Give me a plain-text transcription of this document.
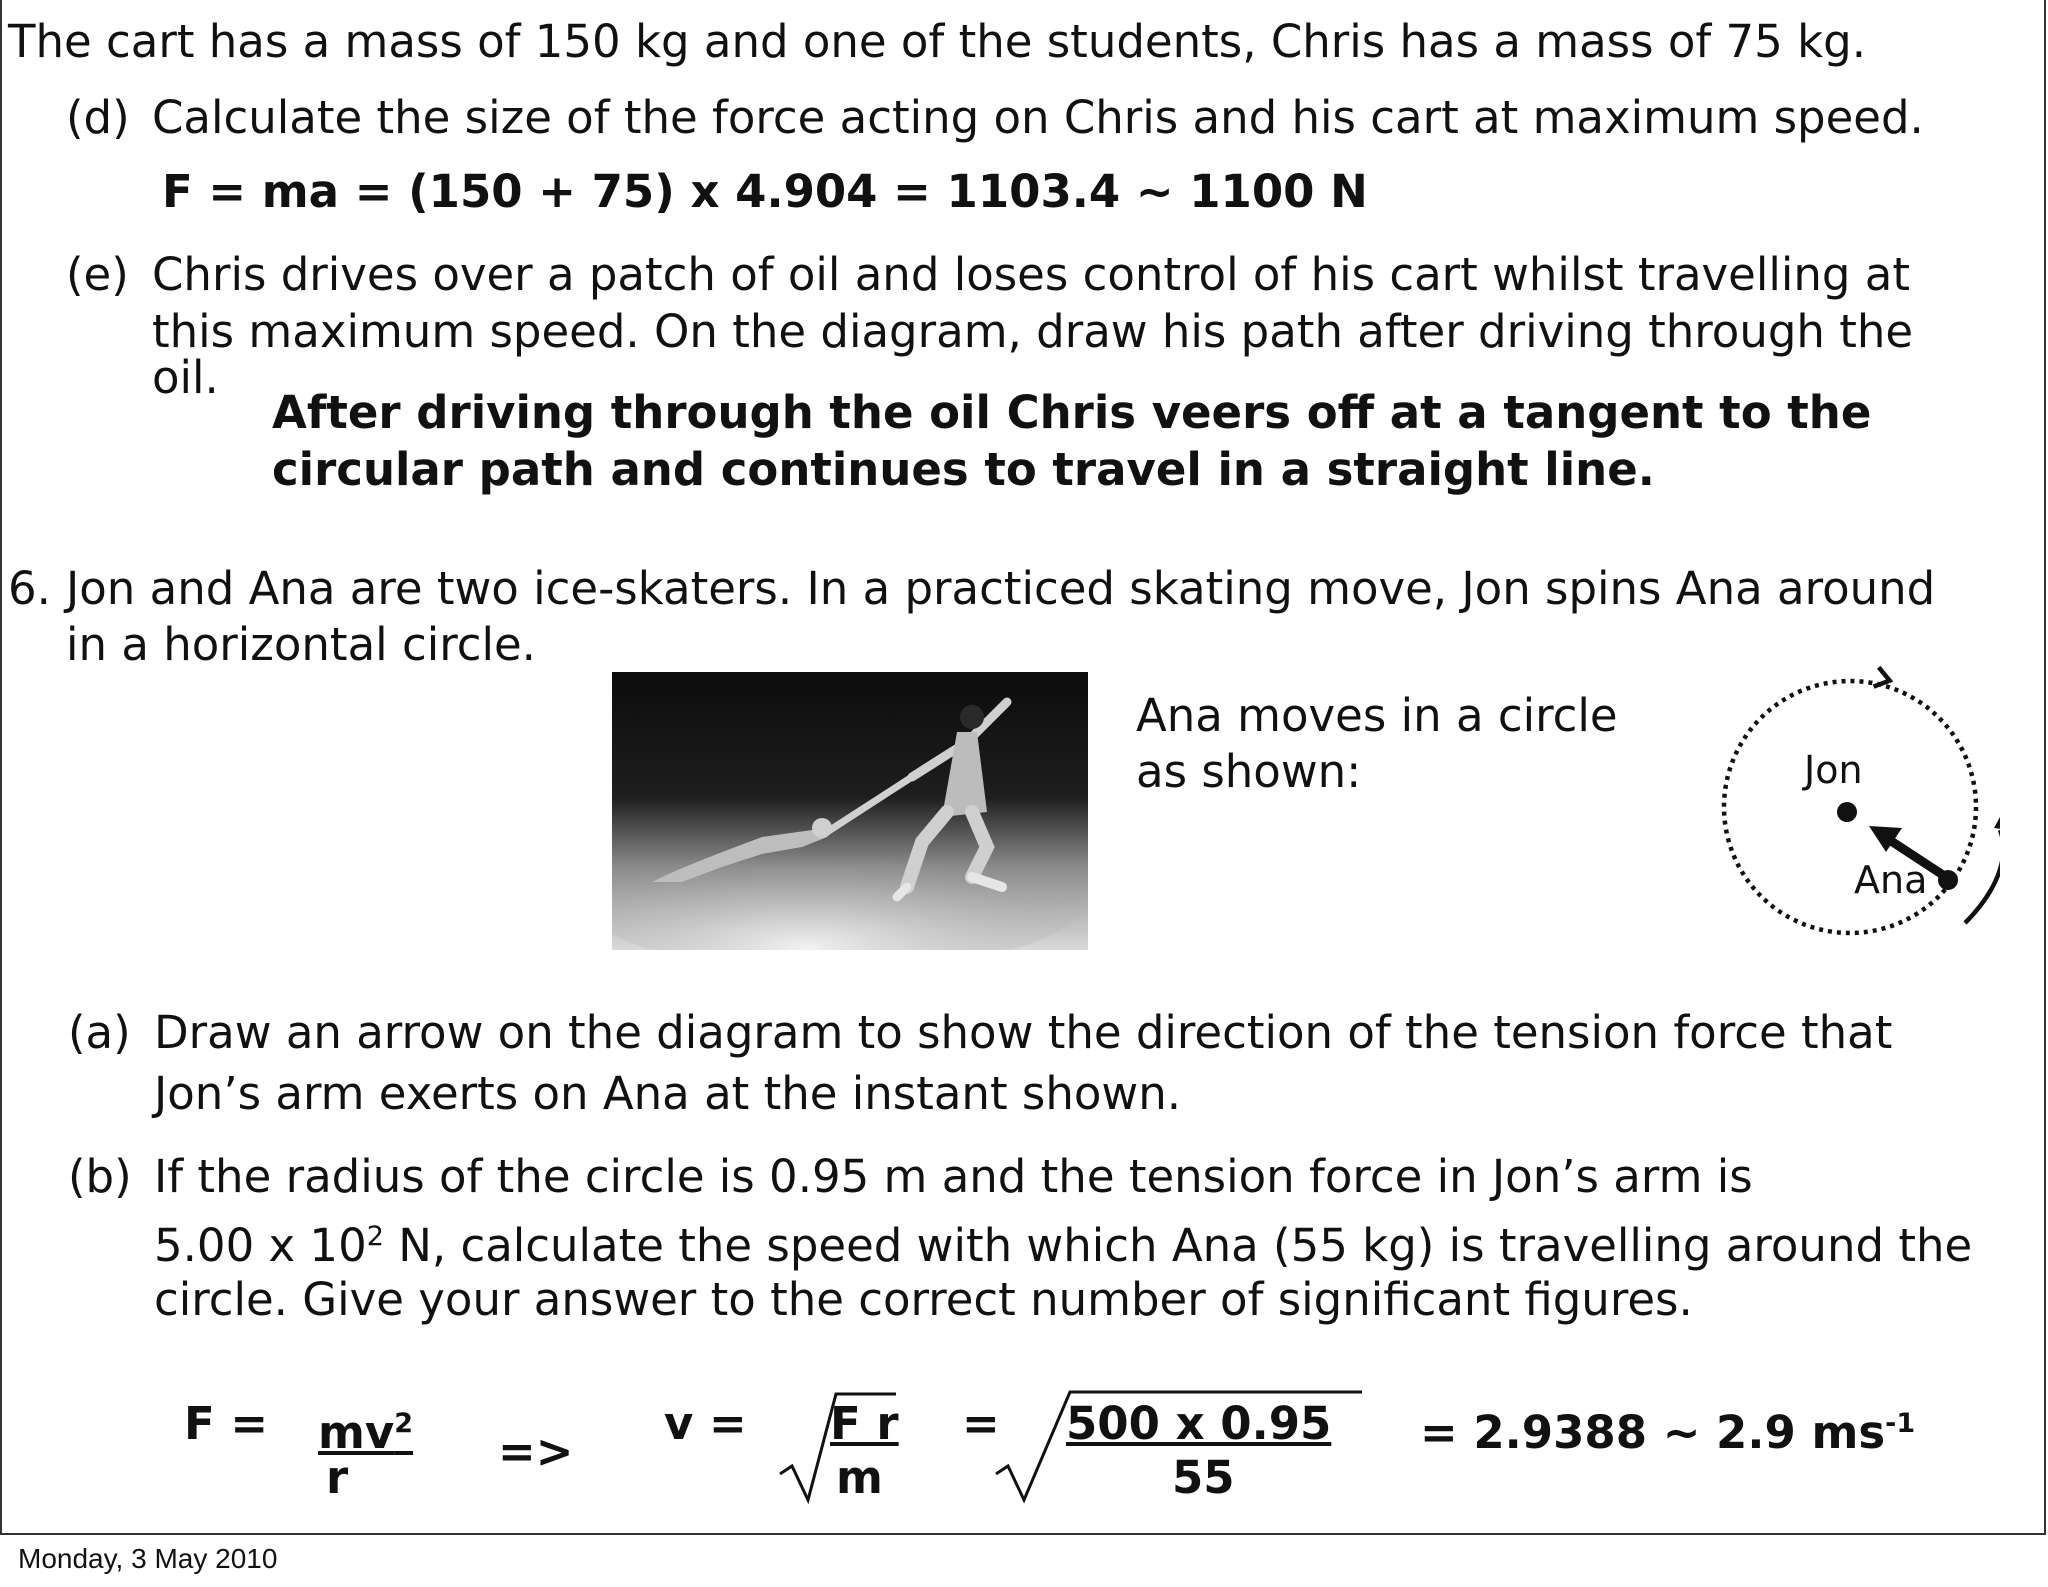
The cart has a mass of 150 kg and one of the students, Chris has a mass of 75 kg.
(d) Calculate the size of the force acting on Chris and his cart at maximum speed.
F = ma = (150 + 75) x 4.904 = 1103.4 ~ 1100 N
(e) Chris drives over a patch of oil and loses control of his cart whilst travelling at
this maximum speed. On the diagram, draw his path after driving through the
oil.
After driving through the oil Chris veers off at a tangent to the
circular path and continues to travel in a straight line.
6. Jon and Ana are two ice-skaters. In a practiced skating move, Jon spins Ana around
in a horizontal circle.
Ana moves in a circle
as shown:	Jon
Ana
(a) Draw an arrow on the diagram to show the direction of the tension force that
Jon’s arm exerts on Ana at the instant shown.
(b) If the radius of the circle is 0.95 m and the tension force in Jon’s arm is
5.00 x $10^2$ N, calculate the speed with which Ana (55 kg) is travelling around the
circle. Give your answer to the correct number of significant figures.
$F = mv^2$
r	=>
v = F r
m
= 500 x 0.95
55
= 2.9388 ~ 2.9 $ms^{-1}$
Monday, 3 May 2010
